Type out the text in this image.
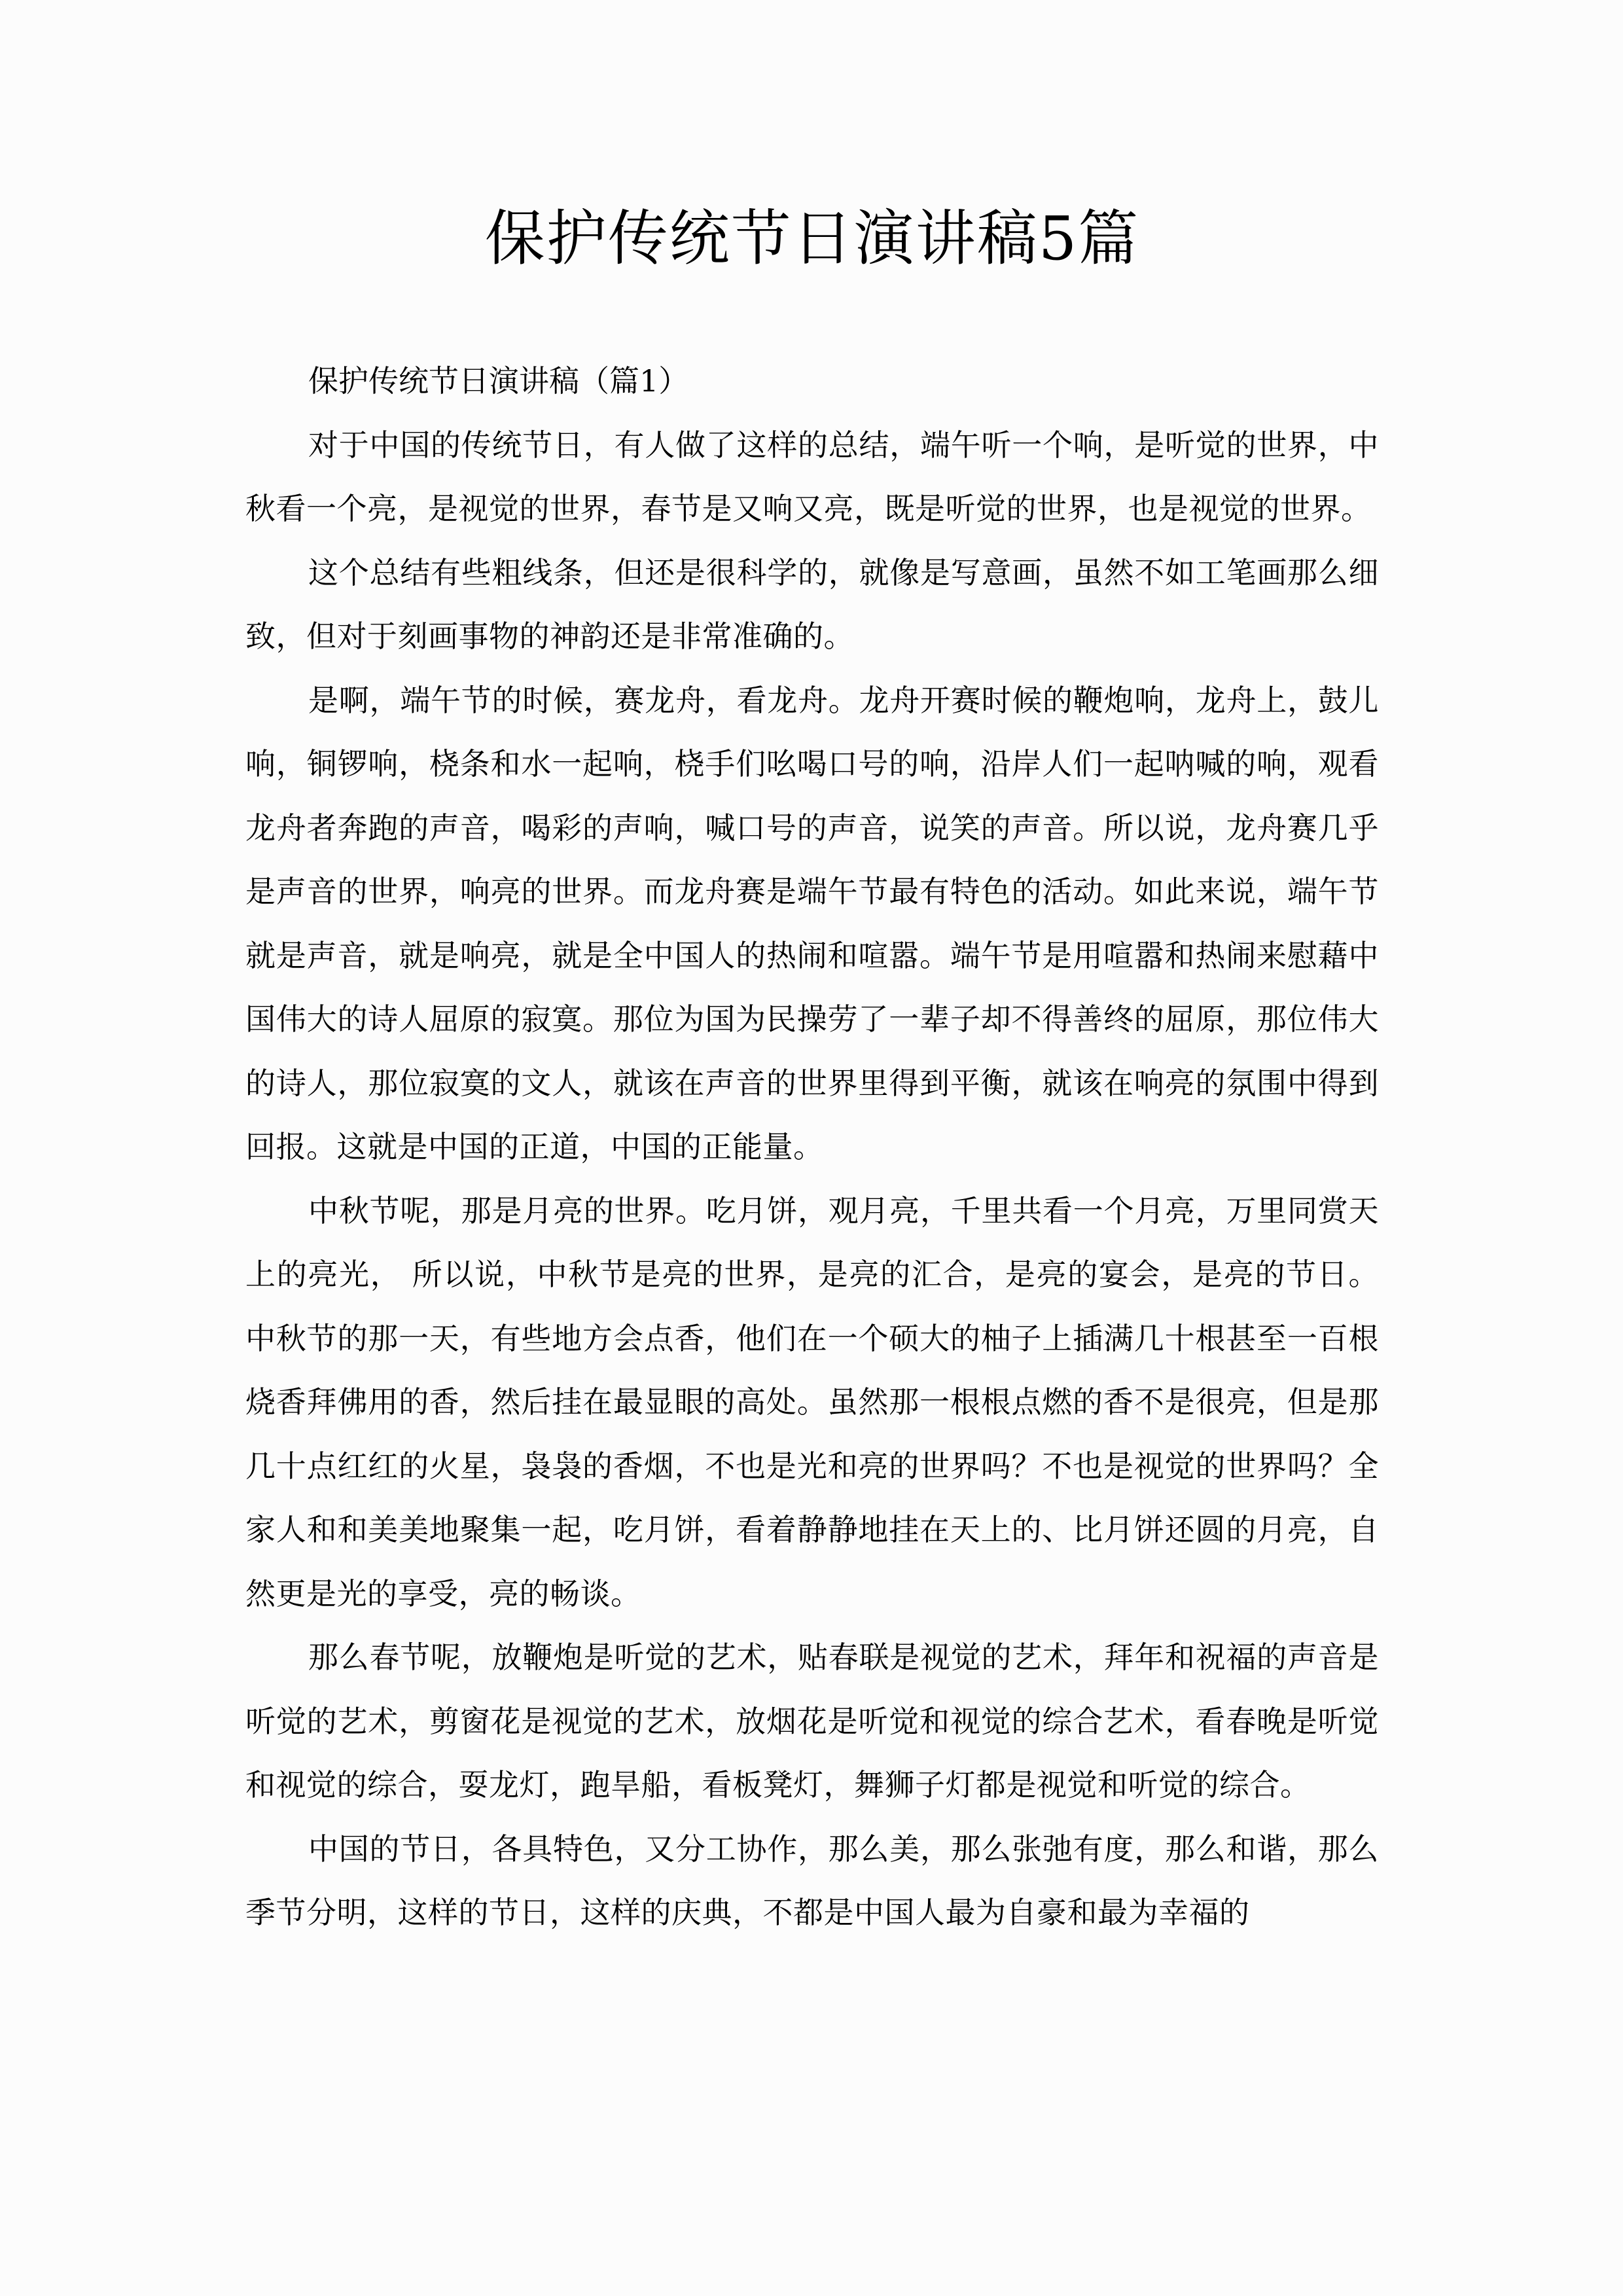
保护传统节日演讲稿5篇
保护传统节日演讲稿（篇1）

对于中国的传统节日，有人做了这样的总结，端午听一个响，是听觉的世界，中秋看一个亮，是视觉的世界，春节是又响又亮，既是听觉的世界，也是视觉的世界。

这个总结有些粗线条，但还是很科学的，就像是写意画，虽然不如工笔画那么细致，但对于刻画事物的神韵还是非常准确的。

是啊，端午节的时候，赛龙舟，看龙舟。龙舟开赛时候的鞭炮响，龙舟上，鼓儿响，铜锣响，桡条和水一起响，桡手们吆喝口号的响，沿岸人们一起呐喊的响，观看龙舟者奔跑的声音，喝彩的声响，喊口号的声音，说笑的声音。所以说，龙舟赛几乎是声音的世界，响亮的世界。而龙舟赛是端午节最有特色的活动。如此来说，端午节就是声音，就是响亮，就是全中国人的热闹和喧嚣。端午节是用喧嚣和热闹来慰藉中国伟大的诗人屈原的寂寞。那位为国为民操劳了一辈子却不得善终的屈原，那位伟大的诗人，那位寂寞的文人，就该在声音的世界里得到平衡，就该在响亮的氛围中得到回报。这就是中国的正道，中国的正能量。

中秋节呢，那是月亮的世界。吃月饼，观月亮，千里共看一个月亮，万里同赏天上的亮光， 所以说，中秋节是亮的世界，是亮的汇合，是亮的宴会，是亮的节日。中秋节的那一天，有些地方会点香，他们在一个硕大的柚子上插满几十根甚至一百根烧香拜佛用的香，然后挂在最显眼的高处。虽然那一根根点燃的香不是很亮，但是那几十点红红的火星，袅袅的香烟，不也是光和亮的世界吗？不也是视觉的世界吗？全家人和和美美地聚集一起，吃月饼，看着静静地挂在天上的、比月饼还圆的月亮，自然更是光的享受，亮的畅谈。

那么春节呢，放鞭炮是听觉的艺术，贴春联是视觉的艺术，拜年和祝福的声音是听觉的艺术，剪窗花是视觉的艺术，放烟花是听觉和视觉的综合艺术，看春晚是听觉和视觉的综合，耍龙灯，跑旱船，看板凳灯，舞狮子灯都是视觉和听觉的综合。

中国的节日，各具特色，又分工协作，那么美，那么张弛有度，那么和谐，那么季节分明，这样的节日，这样的庆典，不都是中国人最为自豪和最为幸福的
